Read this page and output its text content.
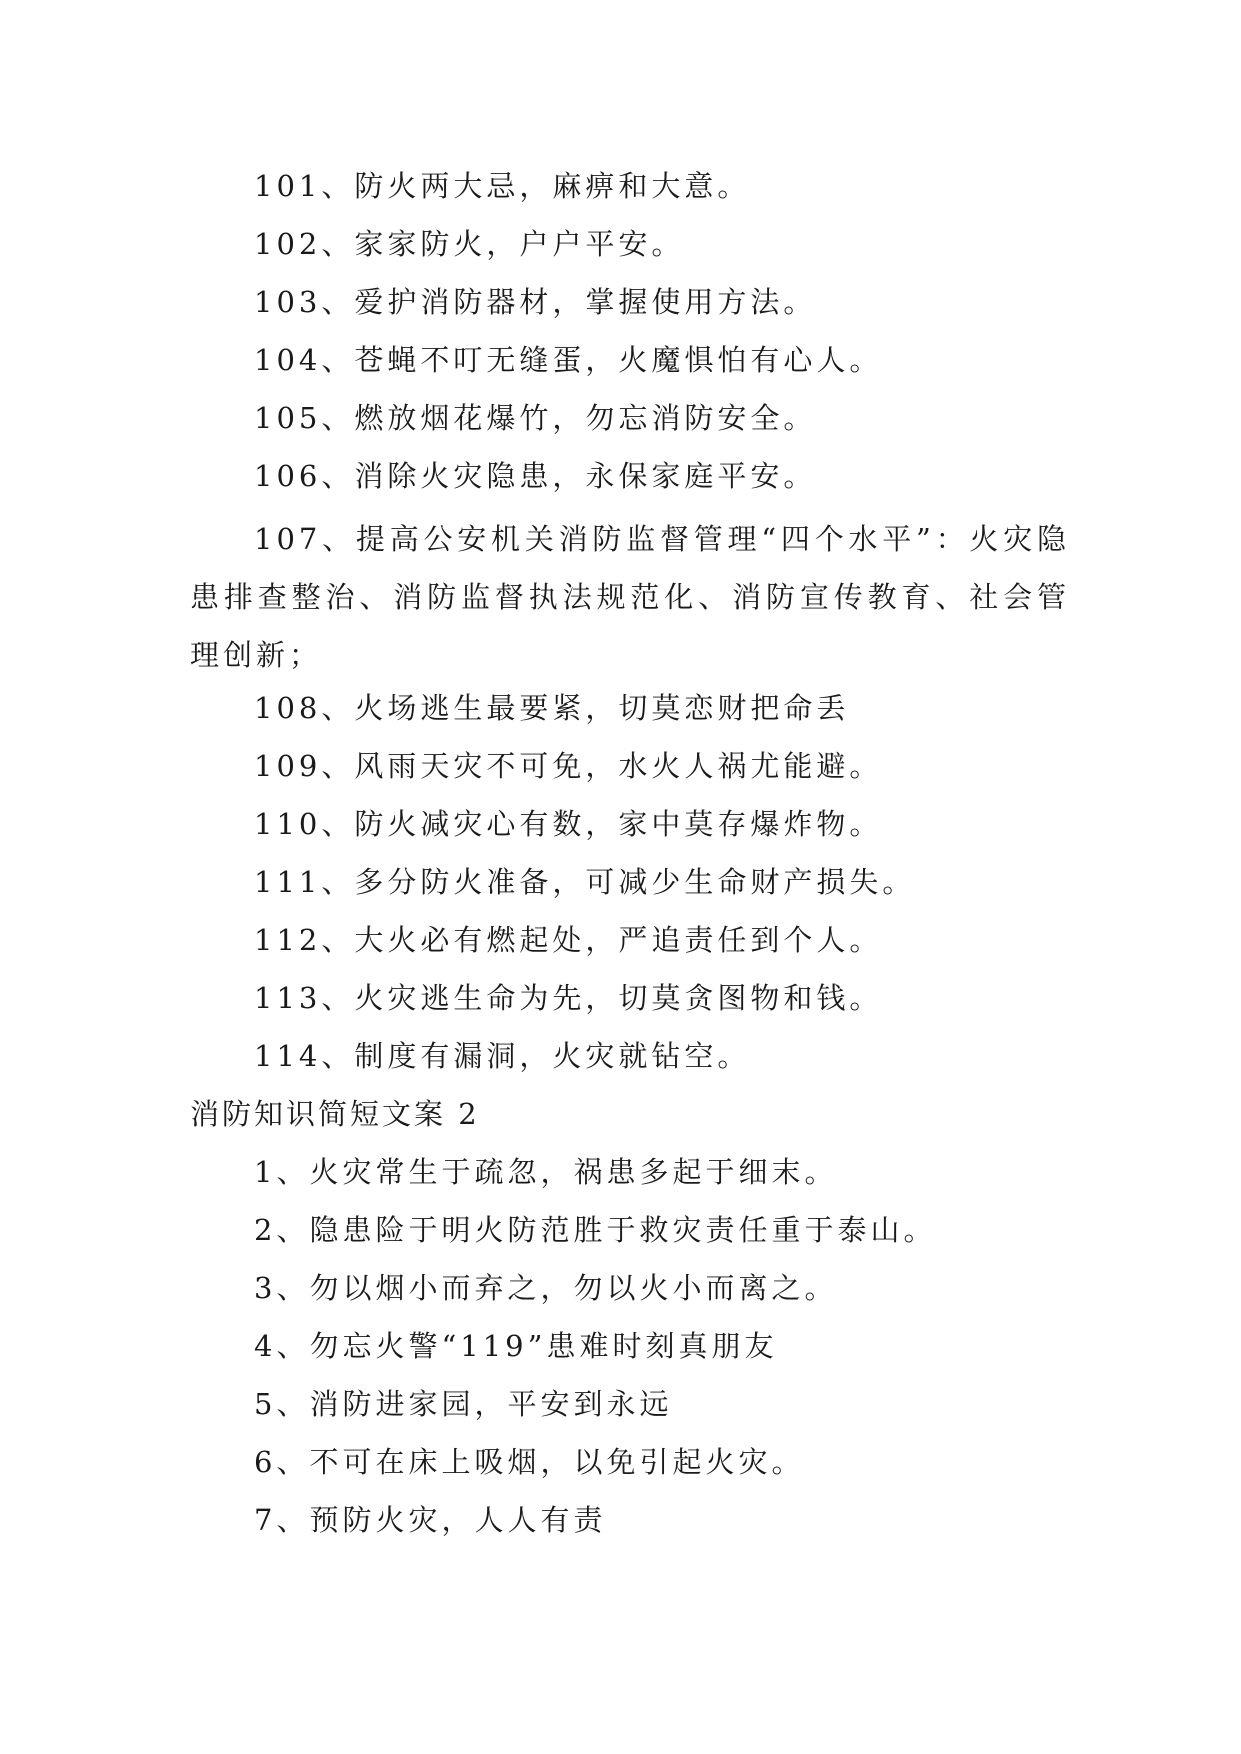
101、防火两大忌，麻痹和大意。
102、家家防火，户户平安。
103、爱护消防器材，掌握使用方法。
104、苍蝇不叮无缝蛋，火魔惧怕有心人。
105、燃放烟花爆竹，勿忘消防安全。
106、消除火灾隐患，永保家庭平安。
107、提高公安机关消防监督管理“四个水平”：火灾隐患排查整治、消防监督执法规范化、消防宣传教育、社会管理创新；
108、火场逃生最要紧，切莫恋财把命丢
109、风雨天灾不可免，水火人祸尤能避。
110、防火减灾心有数，家中莫存爆炸物。
111、多分防火准备，可减少生命财产损失。
112、大火必有燃起处，严追责任到个人。
113、火灾逃生命为先，切莫贪图物和钱。
114、制度有漏洞，火灾就钻空。
消防知识简短文案 2
1、火灾常生于疏忽，祸患多起于细末。
2、隐患险于明火防范胜于救灾责任重于泰山。
3、勿以烟小而弃之，勿以火小而离之。
4、勿忘火警“119”患难时刻真朋友
5、消防进家园，平安到永远
6、不可在床上吸烟，以免引起火灾。
7、预防火灾，人人有责
